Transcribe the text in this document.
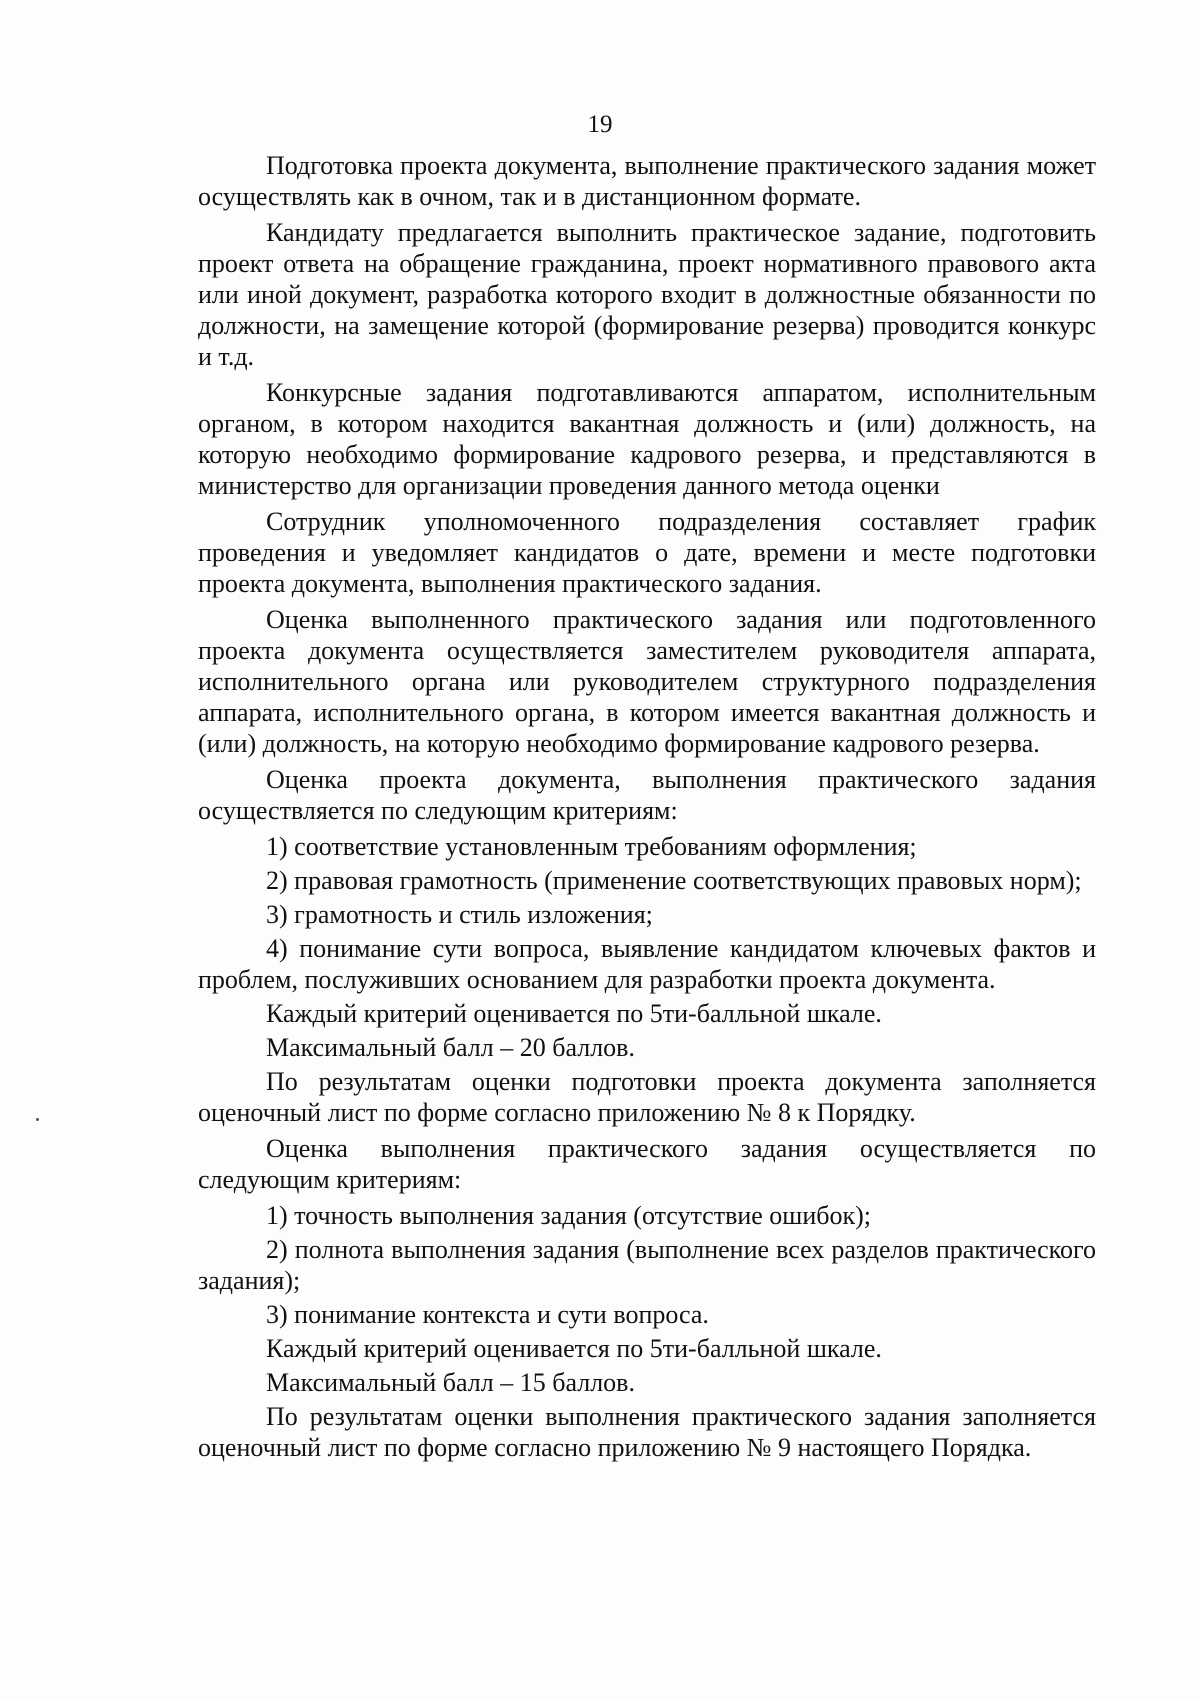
19

Подготовка проекта документа, выполнение практического задания может осуществлять как в очном, так и в дистанционном формате.

Кандидату предлагается выполнить практическое задание, подготовить проект ответа на обращение гражданина, проект нормативного правового акта или иной документ, разработка которого входит в должностные обязанности по должности, на замещение которой (формирование резерва) проводится конкурс и т.д.

Конкурсные задания подготавливаются аппаратом, исполнительным органом, в котором находится вакантная должность и (или) должность, на которую необходимо формирование кадрового резерва, и представляются в министерство для организации проведения данного метода оценки

Сотрудник уполномоченного подразделения составляет график проведения и уведомляет кандидатов о дате, времени и месте подготовки проекта документа, выполнения практического задания.

Оценка выполненного практического задания или подготовленного проекта документа осуществляется заместителем руководителя аппарата, исполнительного органа или руководителем структурного подразделения аппарата, исполнительного органа, в котором имеется вакантная должность и (или) должность, на которую необходимо формирование кадрового резерва.

Оценка проекта документа, выполнения практического задания осуществляется по следующим критериям:

1) соответствие установленным требованиям оформления;

2) правовая грамотность (применение соответствующих правовых норм);

3) грамотность и стиль изложения;

4) понимание сути вопроса, выявление кандидатом ключевых фактов и проблем, послуживших основанием для разработки проекта документа.

Каждый критерий оценивается по 5ти-балльной шкале.

Максимальный балл – 20 баллов.

По результатам оценки подготовки проекта документа заполняется оценочный лист по форме согласно приложению № 8 к Порядку.

Оценка выполнения практического задания осуществляется по следующим критериям:

1) точность выполнения задания (отсутствие ошибок);

2) полнота выполнения задания (выполнение всех разделов практического задания);

3) понимание контекста и сути вопроса.

Каждый критерий оценивается по 5ти-балльной шкале.

Максимальный балл – 15 баллов.

По результатам оценки выполнения практического задания заполняется оценочный лист по форме согласно приложению № 9 настоящего Порядка.
